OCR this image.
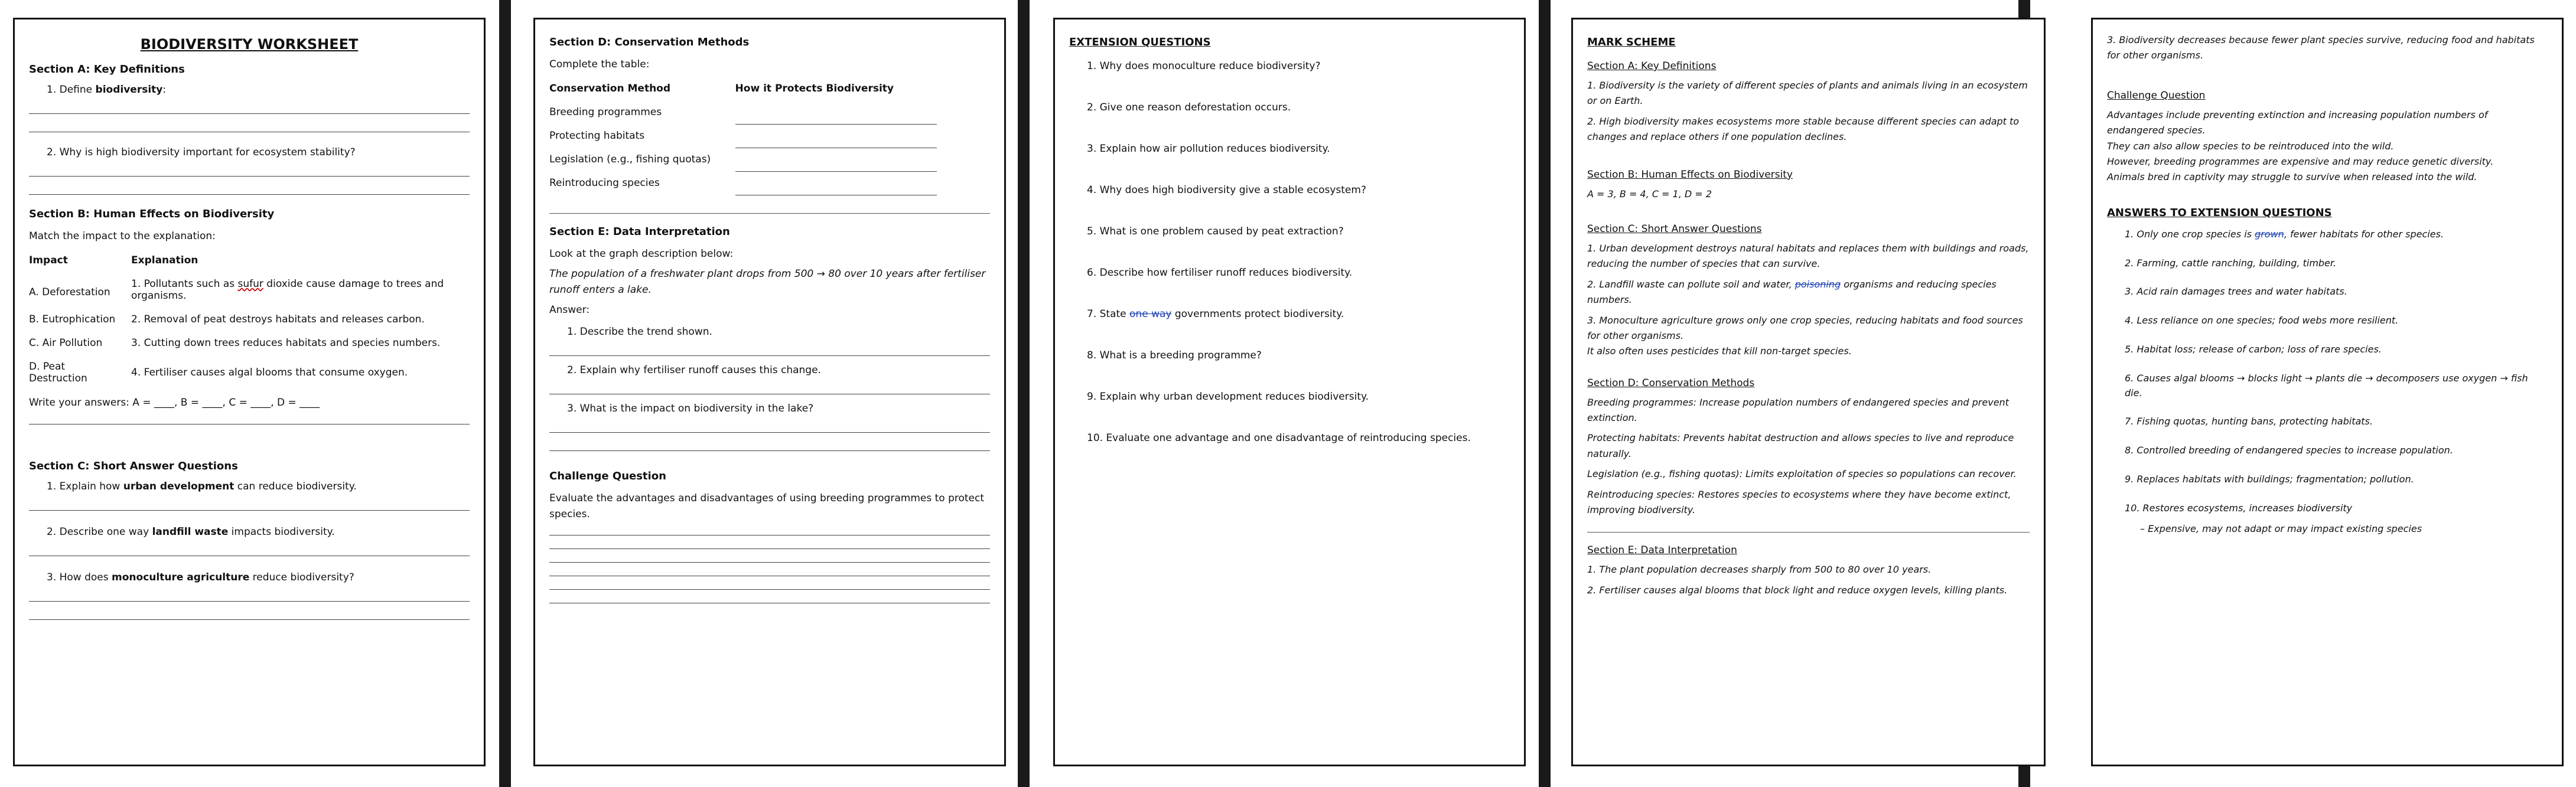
BIODIVERSITY WORKSHEET
Section A: Key Definitions
1. Define biodiversity:
2. Why is high biodiversity important for ecosystem stability?
Section B: Human Effects on Biodiversity
Match the impact to the explanation:
Impact	Explanation
A. Deforestation	1. Pollutants such as sufur dioxide cause damage to trees and organisms.
B. Eutrophication	2. Removal of peat destroys habitats and releases carbon.
C. Air Pollution	3. Cutting down trees reduces habitats and species numbers.
D. Peat Destruction	4. Fertiliser causes algal blooms that consume oxygen.
Write your answers: A = ____, B = ____, C = ____, D = ____
Section C: Short Answer Questions
1. Explain how urban development can reduce biodiversity.
2. Describe one way landfill waste impacts biodiversity.
3. How does monoculture agriculture reduce biodiversity?
Section D: Conservation Methods
Complete the table:
Conservation Method	How it Protects Biodiversity
Breeding programmes	
Protecting habitats	
Legislation (e.g., fishing quotas)	
Reintroducing species	
Section E: Data Interpretation
Look at the graph description below:
The population of a freshwater plant drops from 500 → 80 over 10 years after fertiliser runoff enters a lake.
Answer:
1. Describe the trend shown.
2. Explain why fertiliser runoff causes this change.
3. What is the impact on biodiversity in the lake?
Challenge Question
Evaluate the advantages and disadvantages of using breeding programmes to protect species.
EXTENSION QUESTIONS
1. Why does monoculture reduce biodiversity?
2. Give one reason deforestation occurs.
3. Explain how air pollution reduces biodiversity.
4. Why does high biodiversity give a stable ecosystem?
5. What is one problem caused by peat extraction?
6. Describe how fertiliser runoff reduces biodiversity.
7. State one way governments protect biodiversity.
8. What is a breeding programme?
9. Explain why urban development reduces biodiversity.
10. Evaluate one advantage and one disadvantage of reintroducing species.
MARK SCHEME
Section A: Key Definitions
1. Biodiversity is the variety of different species of plants and animals living in an ecosystem or on Earth.
2. High biodiversity makes ecosystems more stable because different species can adapt to changes and replace others if one population declines.
Section B: Human Effects on Biodiversity
A = 3, B = 4, C = 1, D = 2
Section C: Short Answer Questions
1. Urban development destroys natural habitats and replaces them with buildings and roads, reducing the number of species that can survive.
2. Landfill waste can pollute soil and water, poisoning organisms and reducing species numbers.
3. Monoculture agriculture grows only one crop species, reducing habitats and food sources for other organisms.
It also often uses pesticides that kill non-target species.
Section D: Conservation Methods
Breeding programmes: Increase population numbers of endangered species and prevent extinction.
Protecting habitats: Prevents habitat destruction and allows species to live and reproduce naturally.
Legislation (e.g., fishing quotas): Limits exploitation of species so populations can recover.
Reintroducing species: Restores species to ecosystems where they have become extinct, improving biodiversity.
Section E: Data Interpretation
1. The plant population decreases sharply from 500 to 80 over 10 years.
2. Fertiliser causes algal blooms that block light and reduce oxygen levels, killing plants.
3. Biodiversity decreases because fewer plant species survive, reducing food and habitats for other organisms.
Challenge Question
Advantages include preventing extinction and increasing population numbers of endangered species.
They can also allow species to be reintroduced into the wild.
However, breeding programmes are expensive and may reduce genetic diversity.
Animals bred in captivity may struggle to survive when released into the wild.
ANSWERS TO EXTENSION QUESTIONS
1. Only one crop species is grown, fewer habitats for other species.
2. Farming, cattle ranching, building, timber.
3. Acid rain damages trees and water habitats.
4. Less reliance on one species; food webs more resilient.
5. Habitat loss; release of carbon; loss of rare species.
6. Causes algal blooms → blocks light → plants die → decomposers use oxygen → fish die.
7. Fishing quotas, hunting bans, protecting habitats.
8. Controlled breeding of endangered species to increase population.
9. Replaces habitats with buildings; fragmentation; pollution.
10. Restores ecosystems, increases biodiversity
– Expensive, may not adapt or may impact existing species
